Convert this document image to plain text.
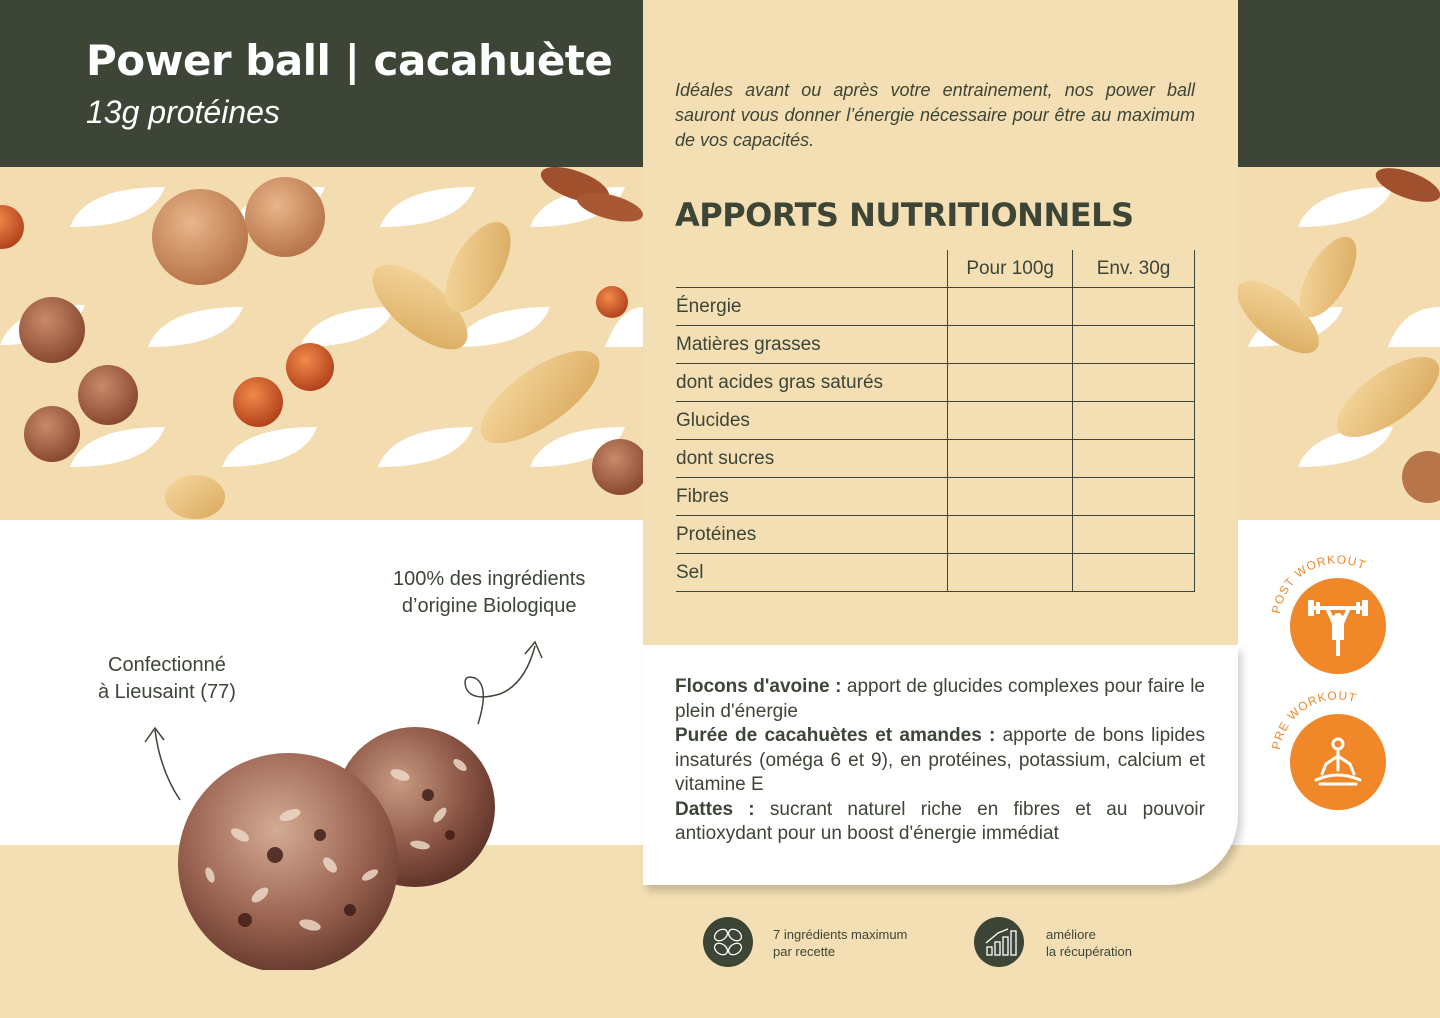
Power ball | cacahuète

13g protéines

Idéales avant ou après votre entrainement, nos power ball sauront vous donner l’énergie nécessaire pour être au maximum de vos capacités.

APPORTS NUTRITIONNELS
	Pour 100g	Env. 30g
Énergie		
Matières grasses		
dont acides gras saturés		
Glucides		
dont sucres		
Fibres		
Protéines		
Sel		

Flocons d'avoine : apport de glucides complexes pour faire le plein d'énergie
Purée de cacahuètes et amandes : apporte de bons lipides insaturés (oméga 6 et 9), en protéines, potassium, calcium et vitamine E
Dattes : sucrant naturel riche en fibres et au pouvoir antioxydant pour un boost d'énergie immédiat

100% des ingrédients
d’origine Biologique

Confectionné
à Lieusaint (77)

POST WORKOUT
PRE WORKOUT

7 ingrédients maximum
par recette

améliore
la récupération
